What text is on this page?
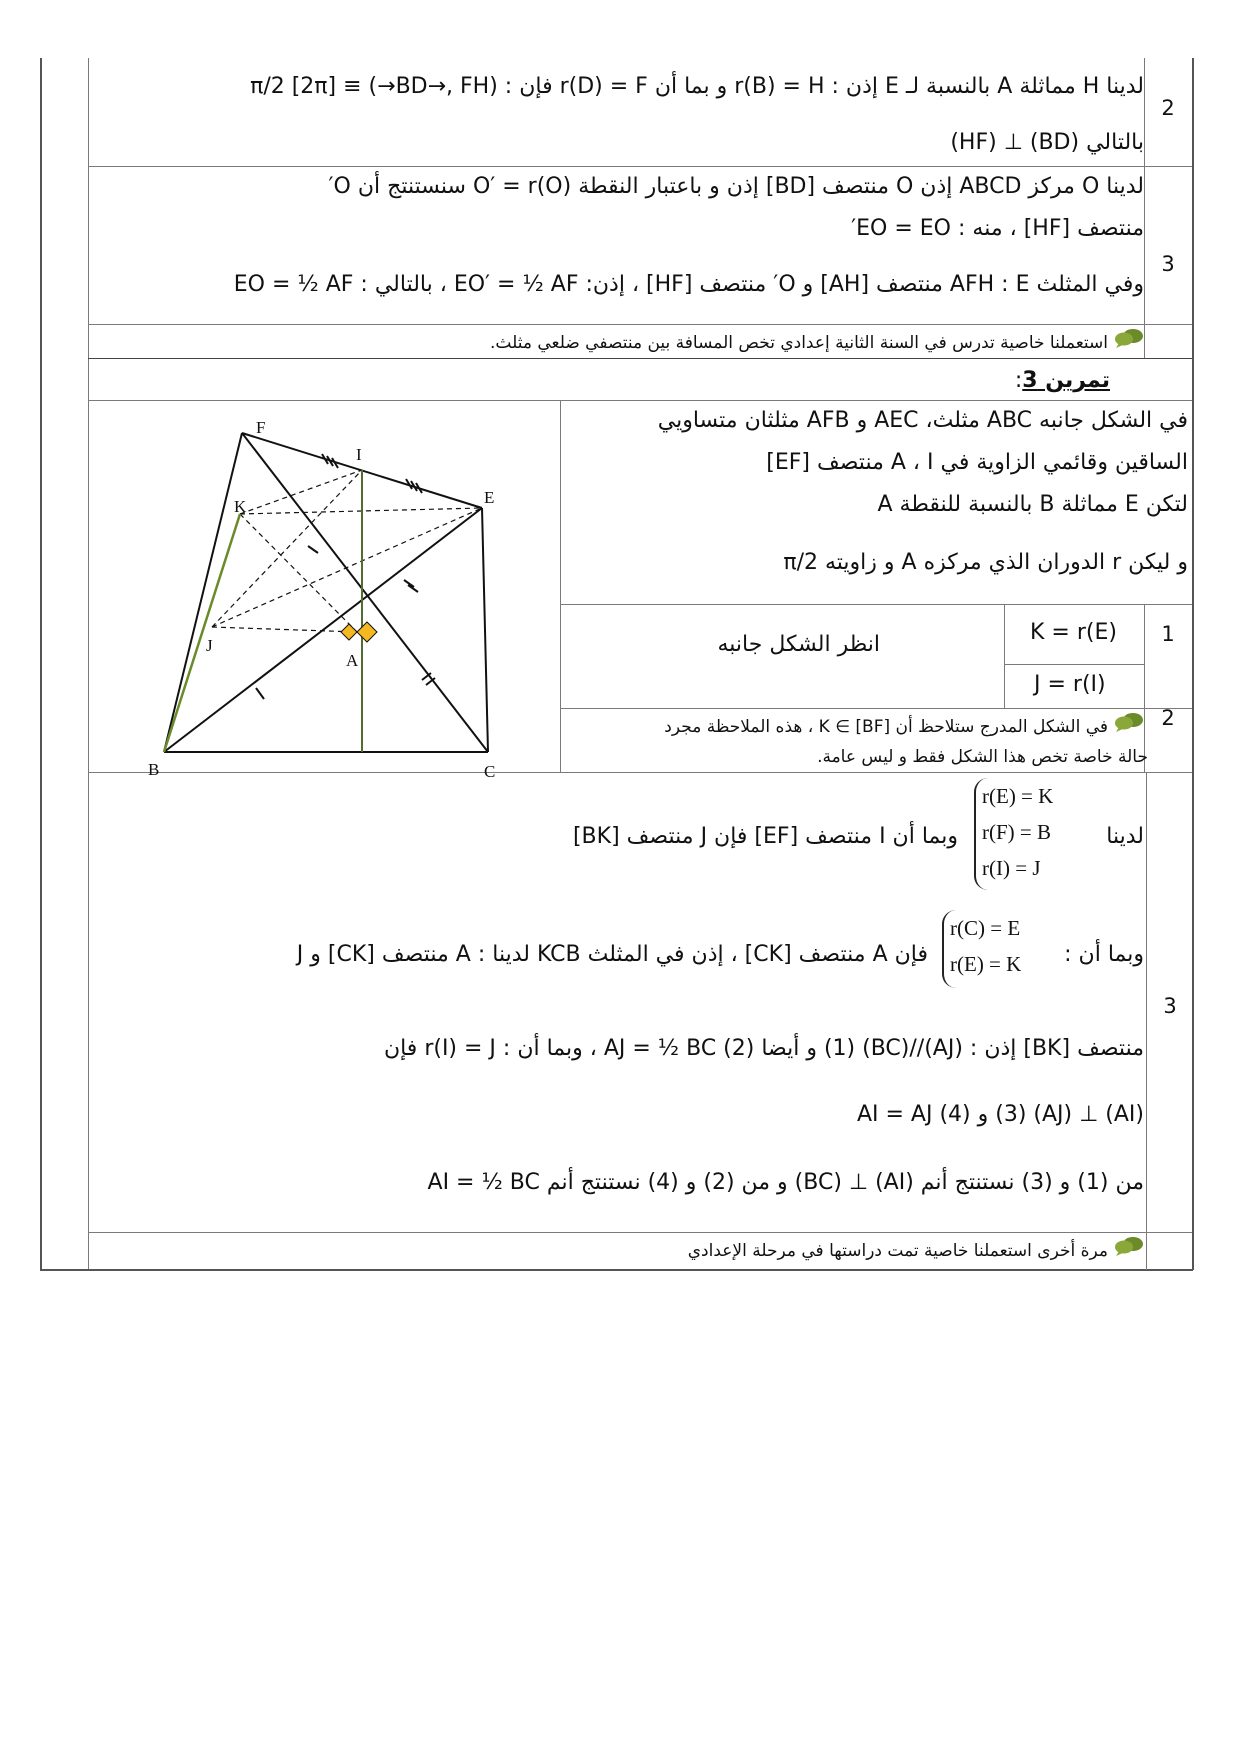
2
لدينا H مماثلة A بالنسبة لـ E إذن : r(B) = H و بما أن r(D) = F فإن : (BD→, FH→) ≡ π/2 [2π]
بالتالي (BD) ⊥ (HF)
3
لدينا O مركز ABCD إذن O منتصف [BD] إذن و باعتبار النقطة O′ = r(O) سنستنتج أن O′
منتصف [HF] ، منه : EO = EO′
وفي المثلث AFH : E منتصف [AH] و O′ منتصف [HF] ، إذن: EO′ = ½ AF ، بالتالي : EO = ½ AF
استعملنا خاصية تدرس في السنة الثانية إعدادي تخص المسافة بين منتصفي ضلعي مثلث.
تمرين 3:
F
I
E
K
J
A
B	C
في الشكل جانبه ABC مثلث، AEC و AFB مثلثان متساويي
الساقين وقائمي الزاوية في A ، I منتصف [EF]
لتكن E مماثلة B بالنسبة للنقطة A
و ليكن r الدوران الذي مركزه A و زاويته π/2
1
K = r(E)
J = r(I)
انظر الشكل جانبه
2
في الشكل المدرج ستلاحظ أن K ∈ [BF] ، هذه الملاحظة مجرد
حالة خاصة تخص هذا الشكل فقط و ليس عامة.
3
لدينا
r(E) = K
r(F) = B
r(I) = J
وبما أن I منتصف [EF] فإن J منتصف [BK]
وبما أن :
r(C) = E
r(E) = K
فإن A منتصف [CK] ، إذن في المثلث KCB لدينا : A منتصف [CK] و J
منتصف [BK] إذن : (AJ)//(BC) (1) و أيضا AJ = ½ BC (2) ، وبما أن : r(I) = J فإن
(AI) ⊥ (AJ) (3) و AI = AJ (4)
من (1) و (3) نستنتج أنم (AI) ⊥ (BC) و من (2) و (4) نستنتج أنم AI = ½ BC
مرة أخرى استعملنا خاصية تمت دراستها في مرحلة الإعدادي
